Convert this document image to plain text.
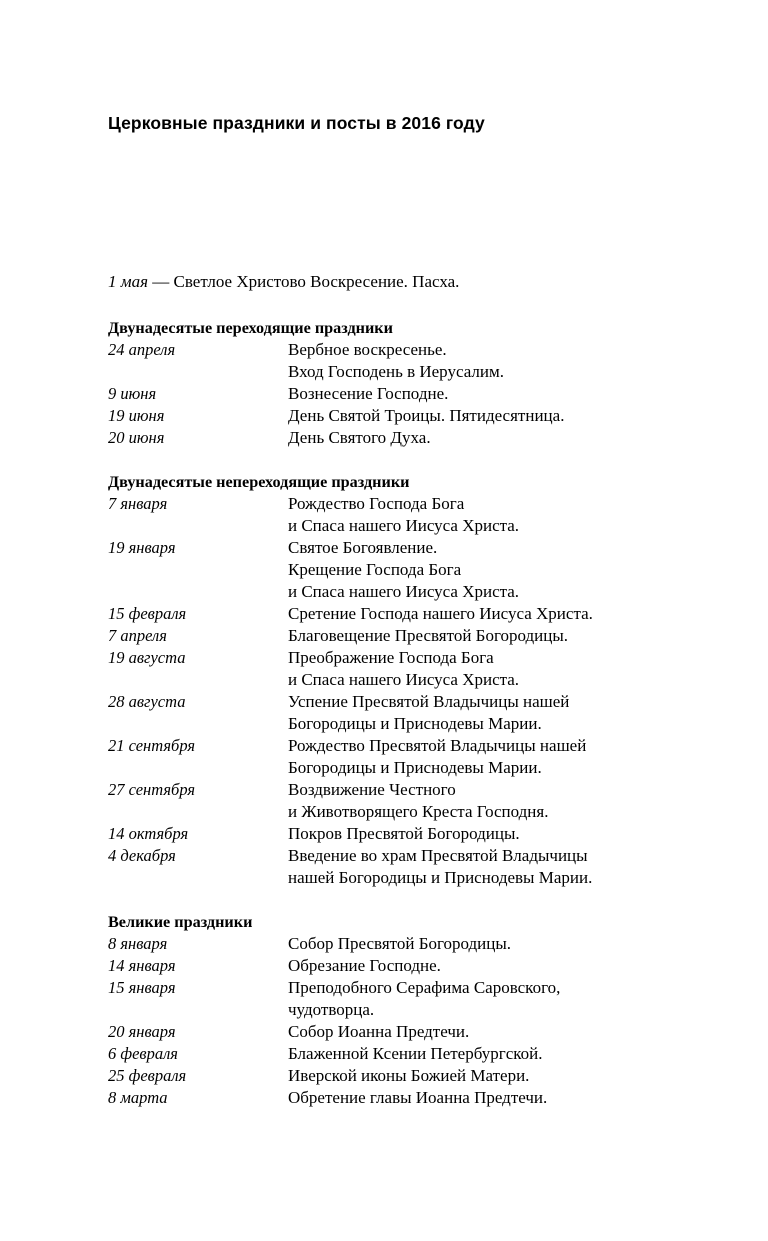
Церковные праздники и посты в 2016 году

1 мая — Светлое Христово Воскресение. Пасха.

Двунадесятые переходящие праздники
24 апреля	Вербное воскресенье.
Вход Господень в Иерусалим.
9 июня	Вознесение Господне.
19 июня	День Святой Троицы. Пятидесятница.
20 июня	День Святого Духа.
Двунадесятые непереходящие праздники
7 января	Рождество Господа Бога
и Спаса нашего Иисуса Христа.
19 января	Святое Богоявление.
Крещение Господа Бога
и Спаса нашего Иисуса Христа.
15 февраля	Сретение Господа нашего Иисуса Христа.
7 апреля	Благовещение Пресвятой Богородицы.
19 августа	Преображение Господа Бога
и Спаса нашего Иисуса Христа.
28 августа	Успение Пресвятой Владычицы нашей
Богородицы и Приснодевы Марии.
21 сентября	Рождество Пресвятой Владычицы нашей
Богородицы и Приснодевы Марии.
27 сентября	Воздвижение Честного
и Животворящего Креста Господня.
14 октября	Покров Пресвятой Богородицы.
4 декабря	Введение во храм Пресвятой Владычицы
нашей Богородицы и Приснодевы Марии.
Великие праздники
8 января	Собор Пресвятой Богородицы.
14 января	Обрезание Господне.
15 января	Преподобного Серафима Саровского,
чудотворца.
20 января	Собор Иоанна Предтечи.
6 февраля	Блаженной Ксении Петербургской.
25 февраля	Иверской иконы Божией Матери.
8 марта	Обретение главы Иоанна Предтечи.
